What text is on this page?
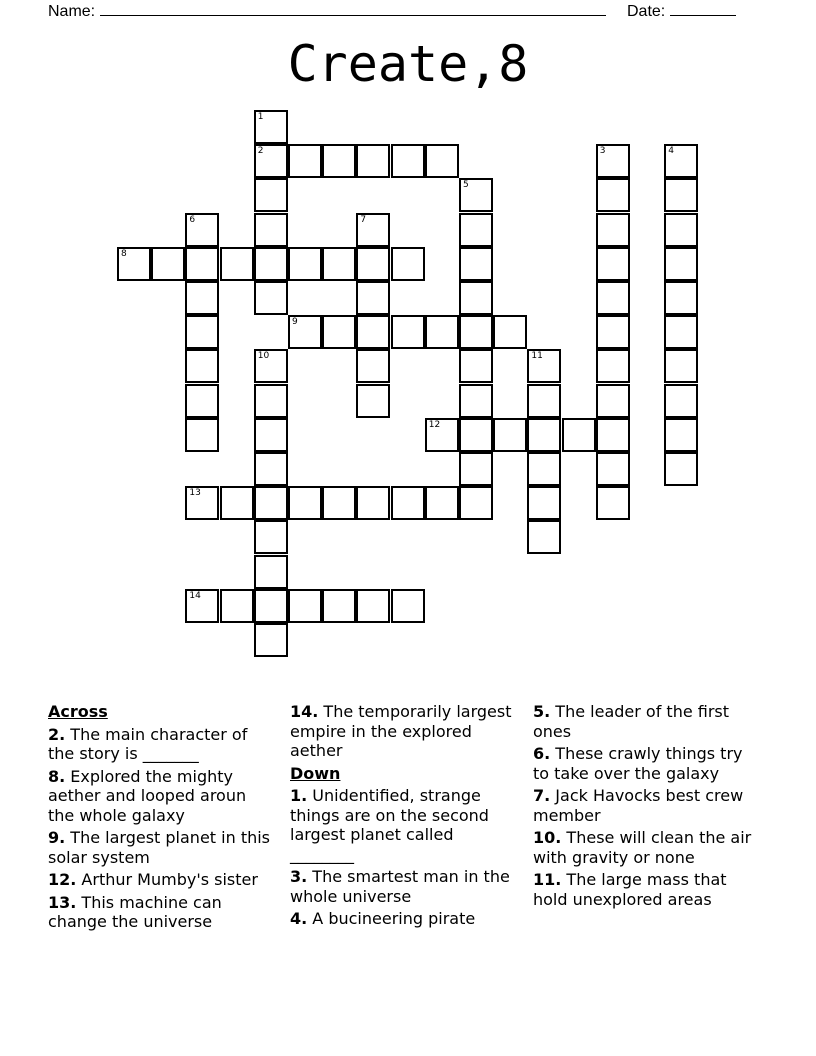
Name:	Date:
Create,8
1
2	3	4
5
6	7
8
9
10	11
12
13
14
Across
2. The main character of the story is _______
8. Explored the mighty aether and looped aroun the whole galaxy
9. The largest planet in this solar system
12. Arthur Mumby's sister
13. This machine can change the universe
14. The temporarily largest empire in the explored aether
Down
1. Unidentified, strange things are on the second largest planet called ________
3. The smartest man in the whole universe
4. A bucineering pirate
5. The leader of the first ones
6. These crawly things try to take over the galaxy
7. Jack Havocks best crew member
10. These will clean the air with gravity or none
11. The large mass that hold unexplored areas
